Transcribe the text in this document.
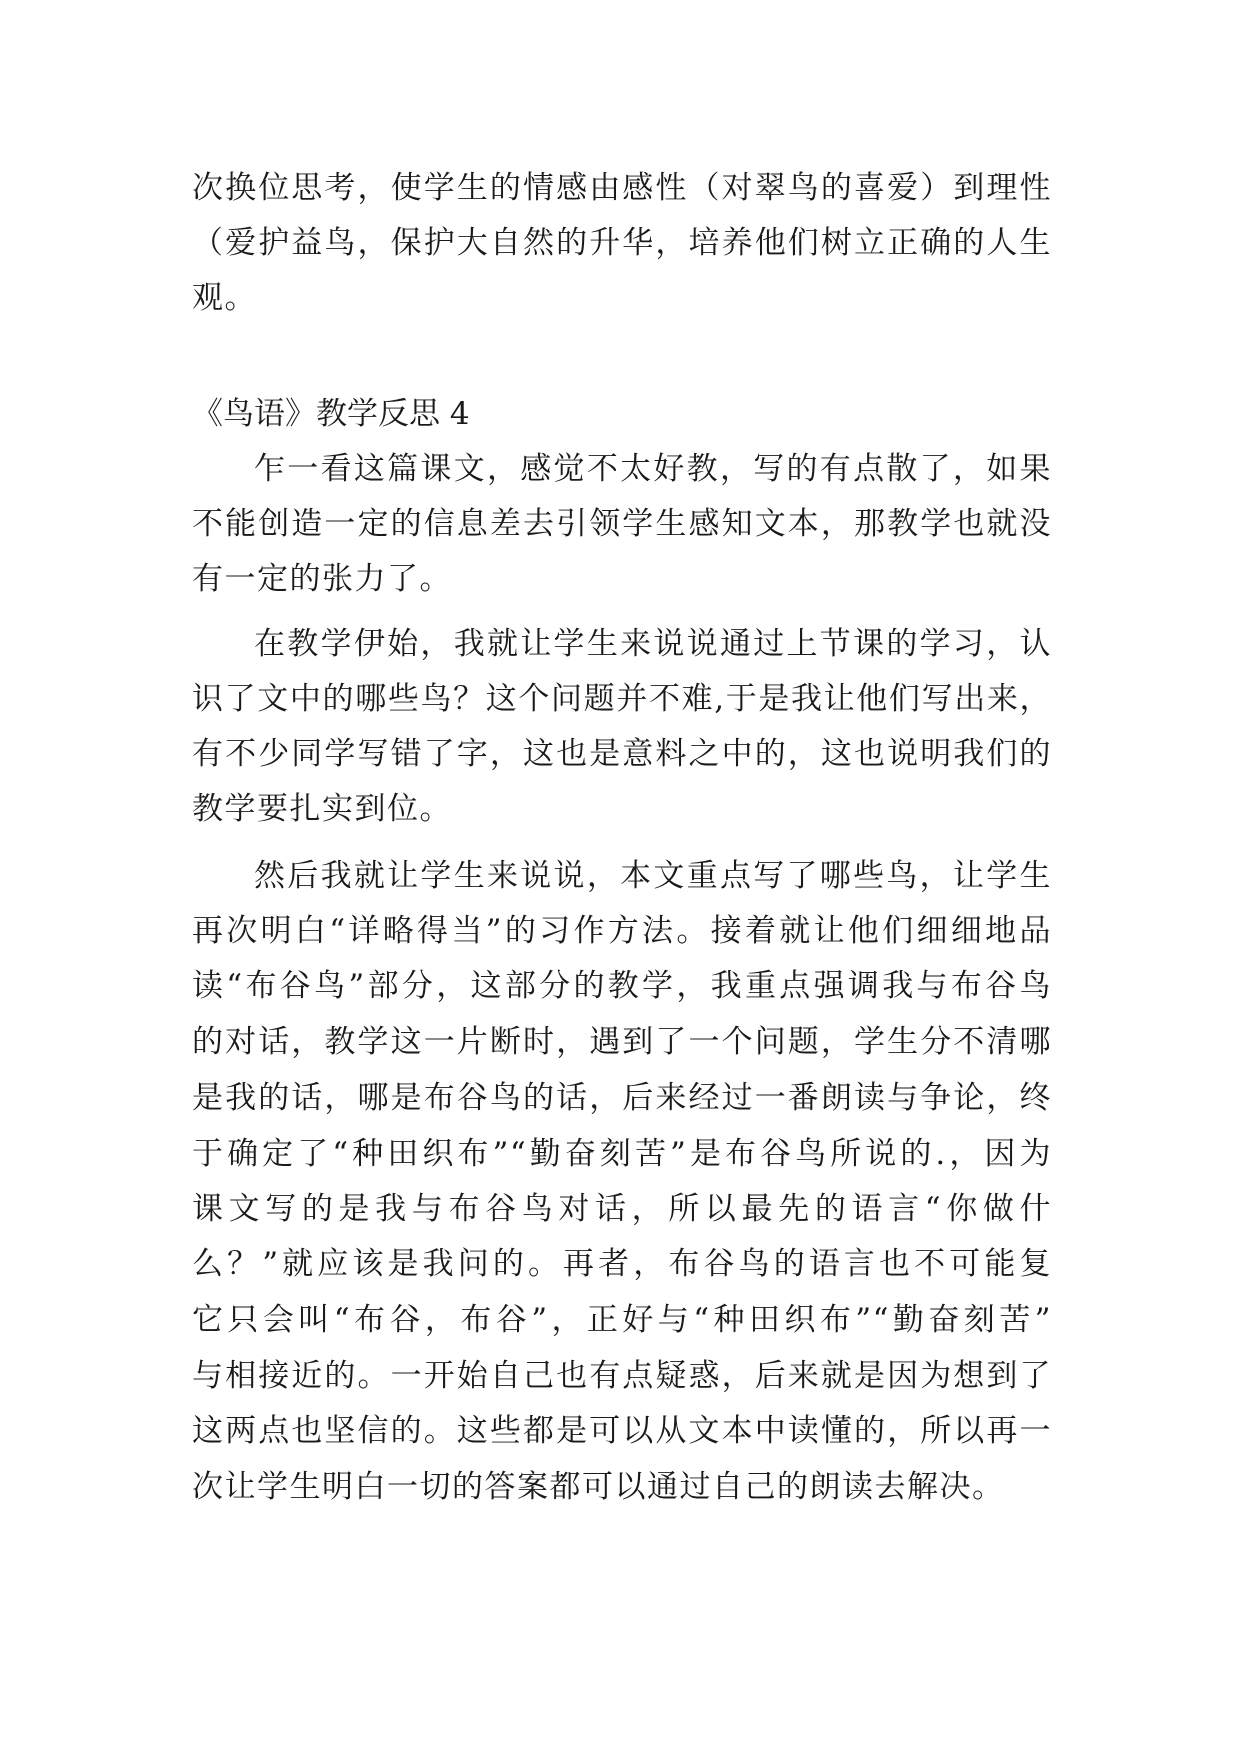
次换位思考，使学生的情感由感性（对翠鸟的喜爱）到理性
（爱护益鸟，保护大自然的升华，培养他们树立正确的人生
观。
《鸟语》教学反思 4
乍一看这篇课文，感觉不太好教，写的有点散了，如果
不能创造一定的信息差去引领学生感知文本，那教学也就没
有一定的张力了。
在教学伊始，我就让学生来说说通过上节课的学习，认
识了文中的哪些鸟？这个问题并不难,于是我让他们写出来，
有不少同学写错了字，这也是意料之中的，这也说明我们的
教学要扎实到位。
然后我就让学生来说说，本文重点写了哪些鸟，让学生
再次明白“详略得当”的习作方法。接着就让他们细细地品
读“布谷鸟”部分，这部分的教学，我重点强调我与布谷鸟
的对话，教学这一片断时，遇到了一个问题，学生分不清哪
是我的话，哪是布谷鸟的话，后来经过一番朗读与争论，终
于确定了“种田织布”“勤奋刻苦”是布谷鸟所说的.，因为
课文写的是我与布谷鸟对话，所以最先的语言“你做什
么？”就应该是我问的。再者，布谷鸟的语言也不可能复
它只会叫“布谷，布谷”，正好与“种田织布”“勤奋刻苦”
与相接近的。一开始自己也有点疑惑，后来就是因为想到了
这两点也坚信的。这些都是可以从文本中读懂的，所以再一
次让学生明白一切的答案都可以通过自己的朗读去解决。
